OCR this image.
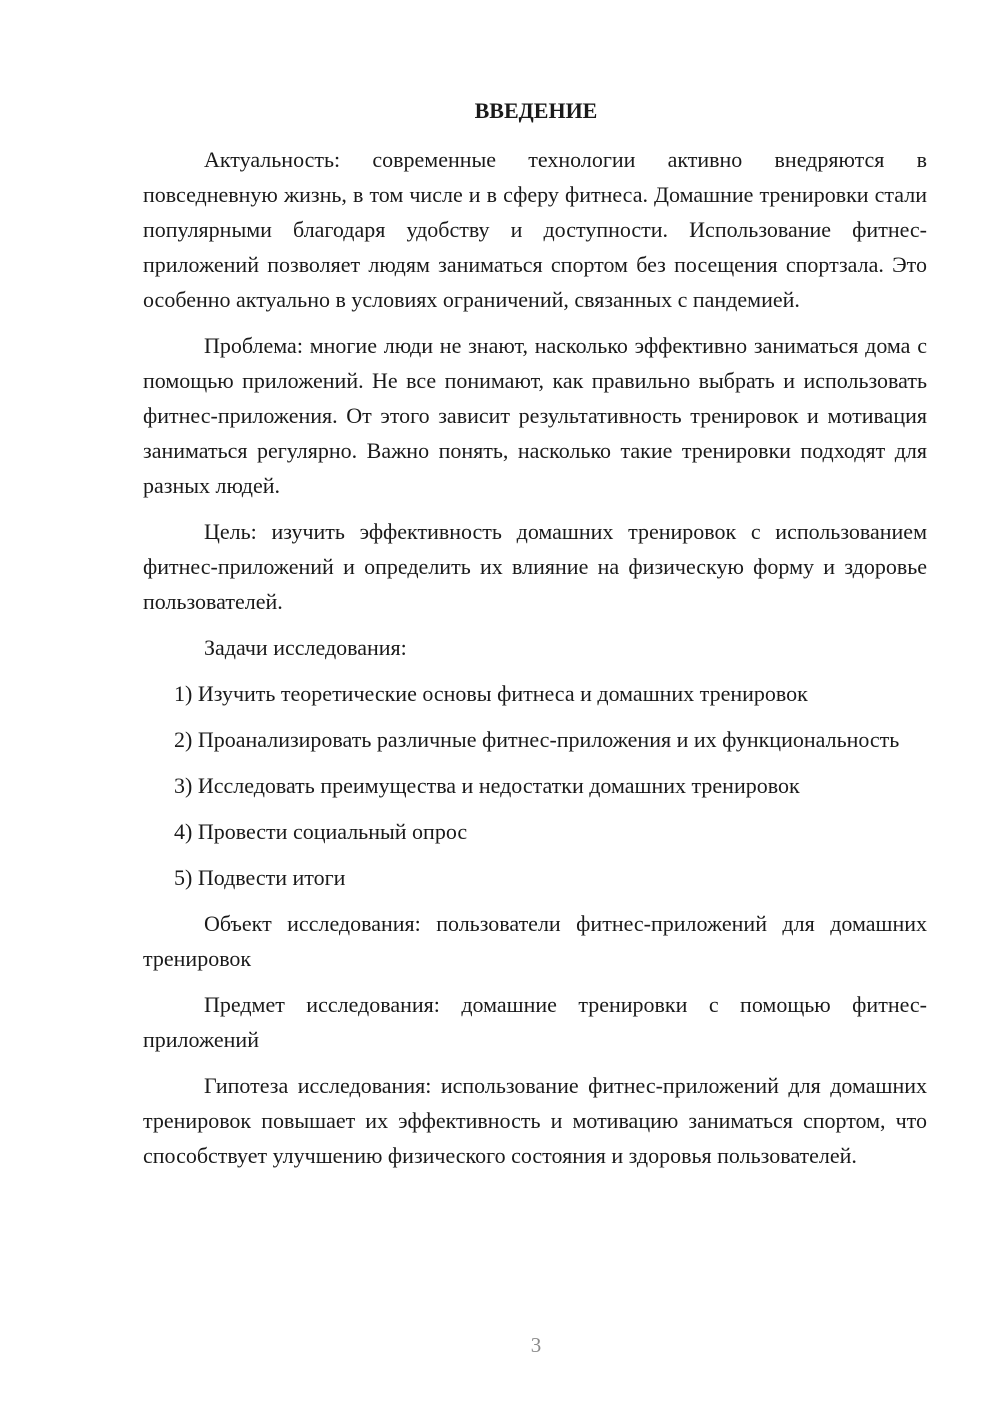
ВВЕДЕНИЕ

Актуальность: современные технологии активно внедряются в повседневную жизнь, в том числе и в сферу фитнеса. Домашние тренировки стали популярными благодаря удобству и доступности. Использование фитнес-приложений позволяет людям заниматься спортом без посещения спортзала. Это особенно актуально в условиях ограничений, связанных с пандемией.

Проблема: многие люди не знают, насколько эффективно заниматься дома с помощью приложений. Не все понимают, как правильно выбрать и использовать фитнес-приложения. От этого зависит результативность тренировок и мотивация заниматься регулярно. Важно понять, насколько такие тренировки подходят для разных людей.

Цель: изучить эффективность домашних тренировок с использованием фитнес-приложений и определить их влияние на физическую форму и здоровье пользователей.

Задачи исследования:

1) Изучить теоретические основы фитнеса и домашних тренировок

2) Проанализировать различные фитнес-приложения и их функциональность

3) Исследовать преимущества и недостатки домашних тренировок

4) Провести социальный опрос

5) Подвести итоги

Объект исследования: пользователи фитнес-приложений для домашних тренировок

Предмет исследования: домашние тренировки с помощью фитнес-приложений

Гипотеза исследования: использование фитнес-приложений для домашних тренировок повышает их эффективность и мотивацию заниматься спортом, что способствует улучшению физического состояния и здоровья пользователей.

3
